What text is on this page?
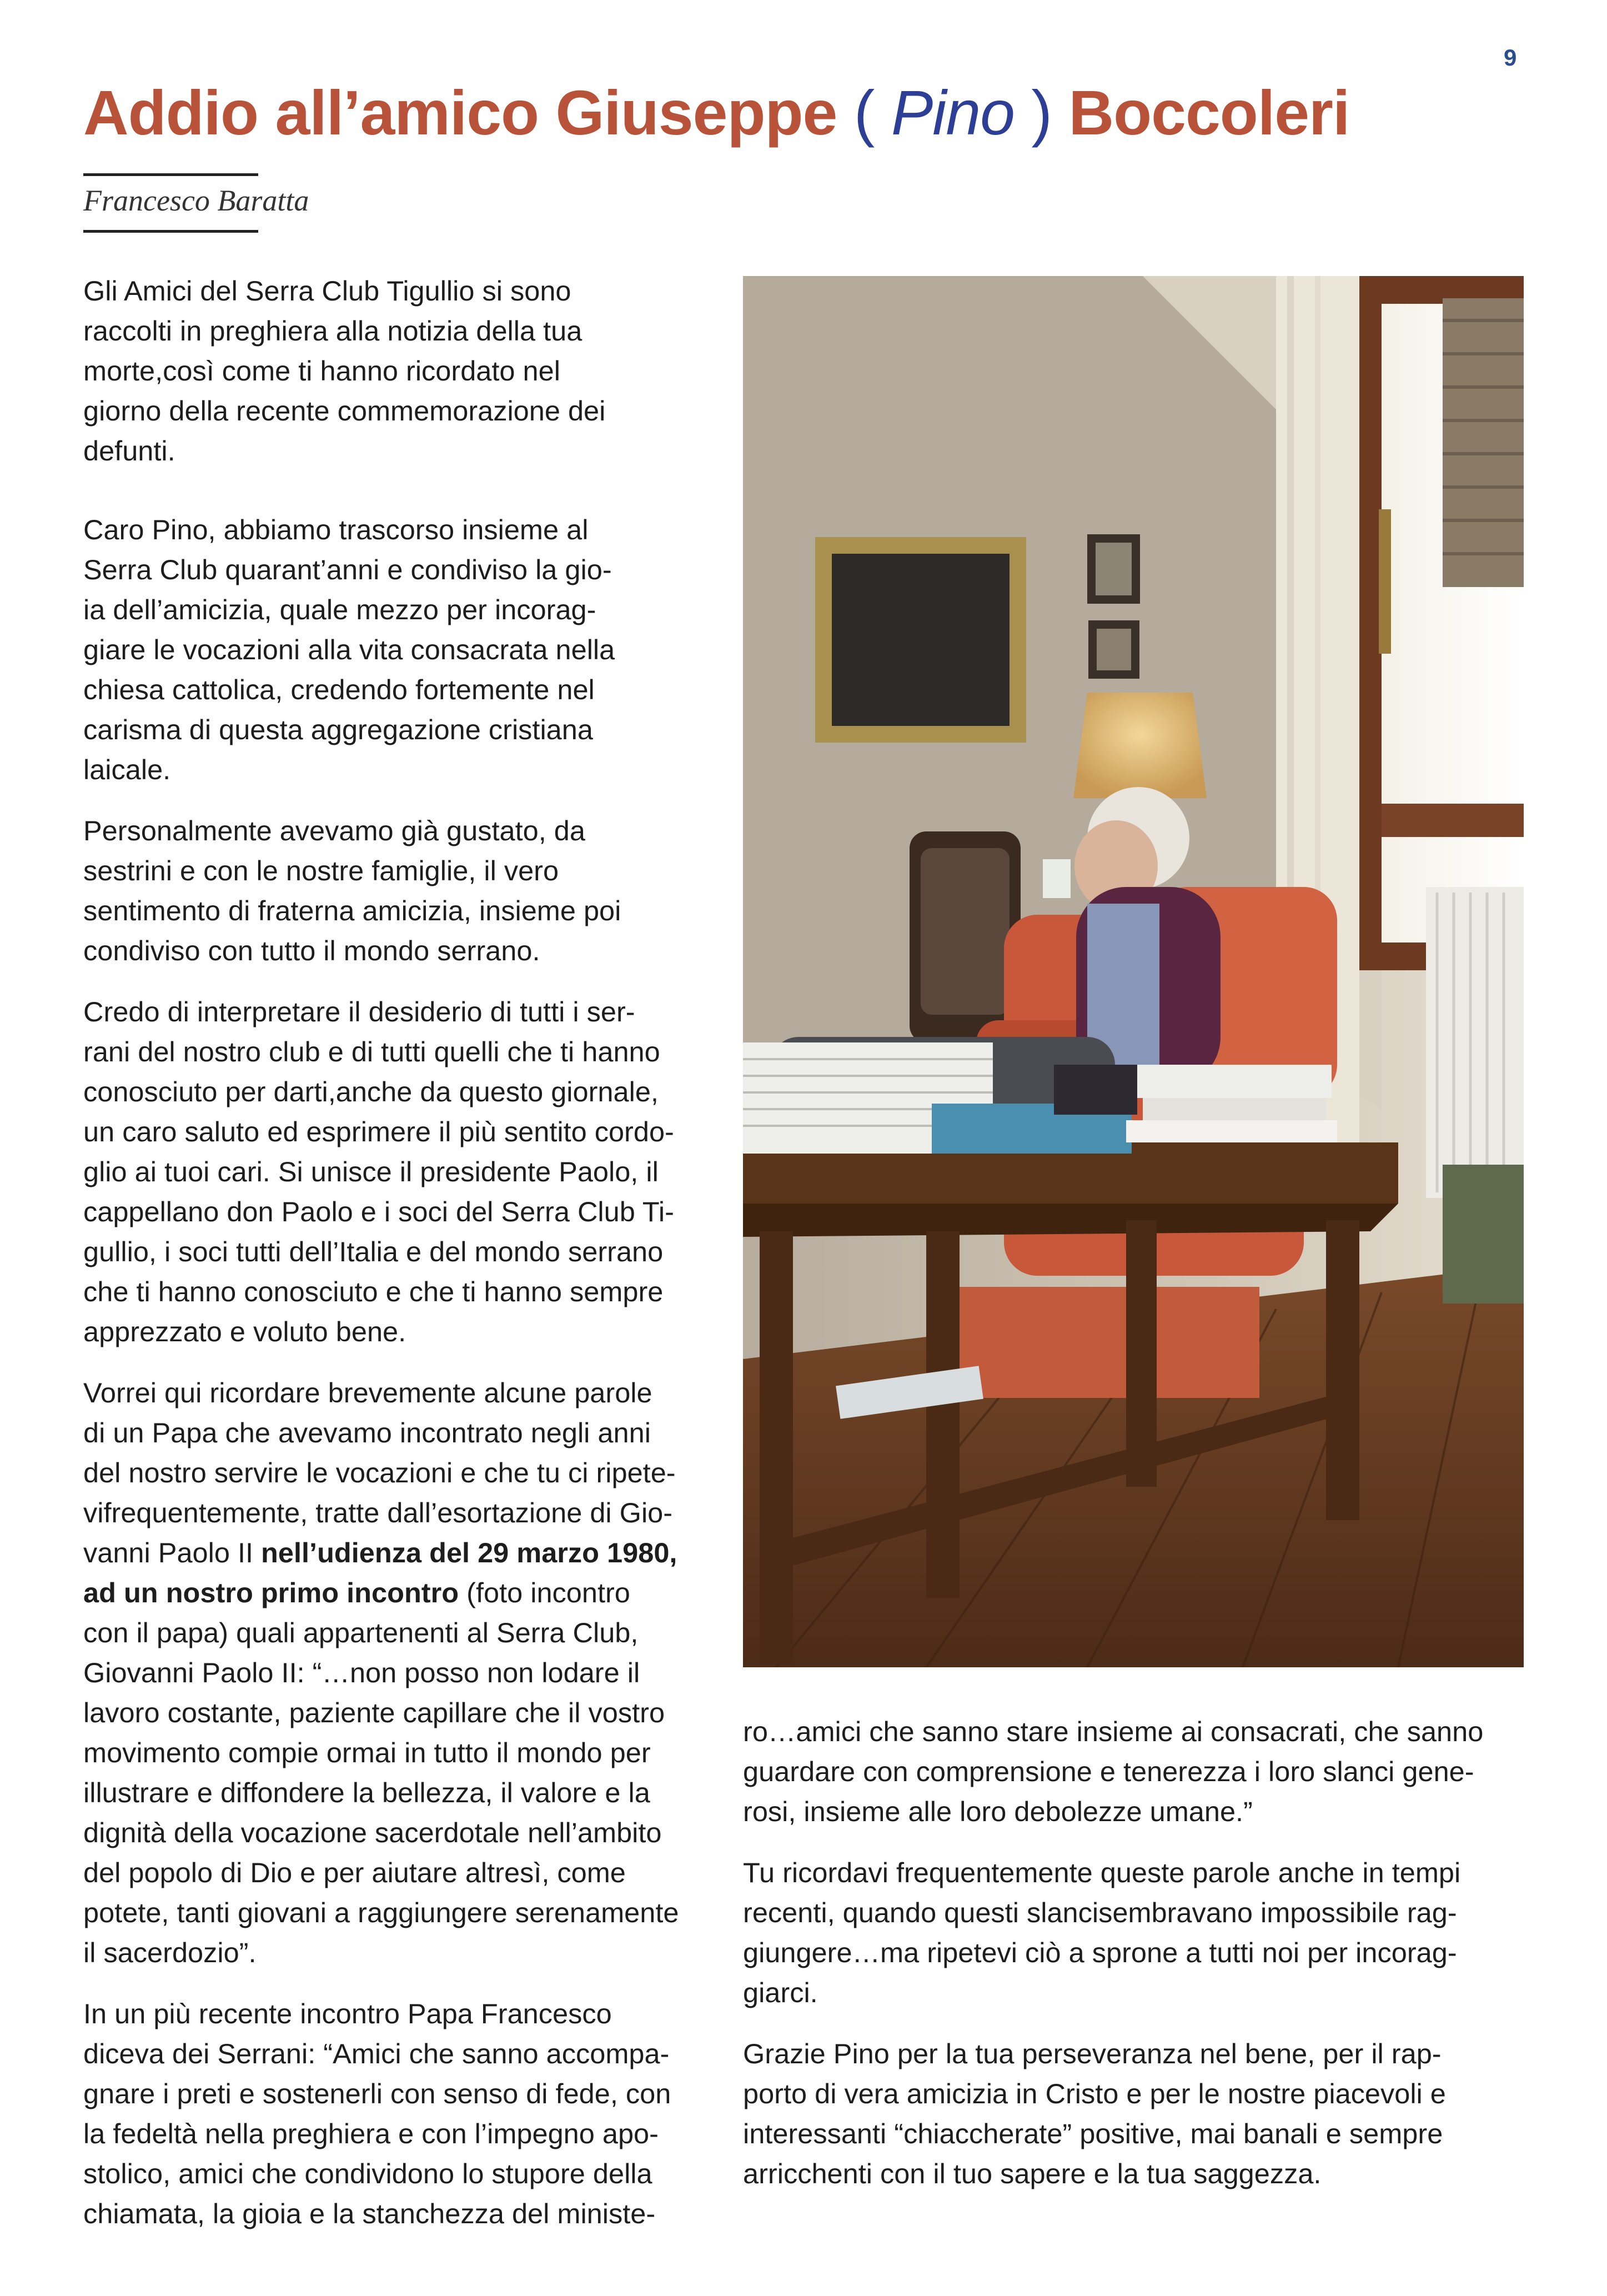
9
Addio all’amico Giuseppe ( Pino ) Boccoleri
Francesco Baratta

Gli Amici del Serra Club Tigullio si sono
raccolti in preghiera alla notizia della tua
morte,così come ti hanno ricordato nel
giorno della recente commemorazione dei
defunti.

Caro Pino, abbiamo trascorso insieme al
Serra Club quarant’anni e condiviso la gio-
ia dell’amicizia, quale mezzo per incorag-
giare le vocazioni alla vita consacrata nella
chiesa cattolica, credendo fortemente nel
carisma di questa aggregazione cristiana
laicale.

Personalmente avevamo già gustato, da
sestrini e con le nostre famiglie, il vero
sentimento di fraterna amicizia, insieme poi
condiviso con tutto il mondo serrano.

Credo di interpretare il desiderio di tutti i ser-
rani del nostro club e di tutti quelli che ti hanno
conosciuto per darti,anche da questo giornale,
un caro saluto ed esprimere il più sentito cordo-
glio ai tuoi cari. Si unisce il presidente Paolo, il
cappellano don Paolo e i soci del Serra Club Ti-
gullio, i soci tutti dell’Italia e del mondo serrano
che ti hanno conosciuto e che ti hanno sempre
apprezzato e voluto bene.

Vorrei qui ricordare brevemente alcune parole
di un Papa che avevamo incontrato negli anni
del nostro servire le vocazioni e che tu ci ripete-
vifrequentemente, tratte dall’esortazione di Gio-
vanni Paolo II nell’udienza del 29 marzo 1980,
ad un nostro primo incontro (foto incontro
con il papa) quali appartenenti al Serra Club,
Giovanni Paolo II: “…non posso non lodare il
lavoro costante, paziente capillare che il vostro
movimento compie ormai in tutto il mondo per
illustrare e diffondere la bellezza, il valore e la
dignità della vocazione sacerdotale nell’ambito
del popolo di Dio e per aiutare altresì, come
potete, tanti giovani a raggiungere serenamente
il sacerdozio”.

In un più recente incontro Papa Francesco
diceva dei Serrani: “Amici che sanno accompa-
gnare i preti e sostenerli con senso di fede, con
la fedeltà nella preghiera e con l’impegno apo-
stolico, amici che condividono lo stupore della
chiamata, la gioia e la stanchezza del ministe-

ro…amici che sanno stare insieme ai consacrati, che sanno
guardare con comprensione e tenerezza i loro slanci gene-
rosi, insieme alle loro debolezze umane.”

Tu ricordavi frequentemente queste parole anche in tempi
recenti, quando questi slancisembravano impossibile rag-
giungere…ma ripetevi ciò a sprone a tutti noi per incorag-
giarci.

Grazie Pino per la tua perseveranza nel bene, per il rap-
porto di vera amicizia in Cristo e per le nostre piacevoli e
interessanti “chiaccherate” positive, mai banali e sempre
arricchenti con il tuo sapere e la tua saggezza.
